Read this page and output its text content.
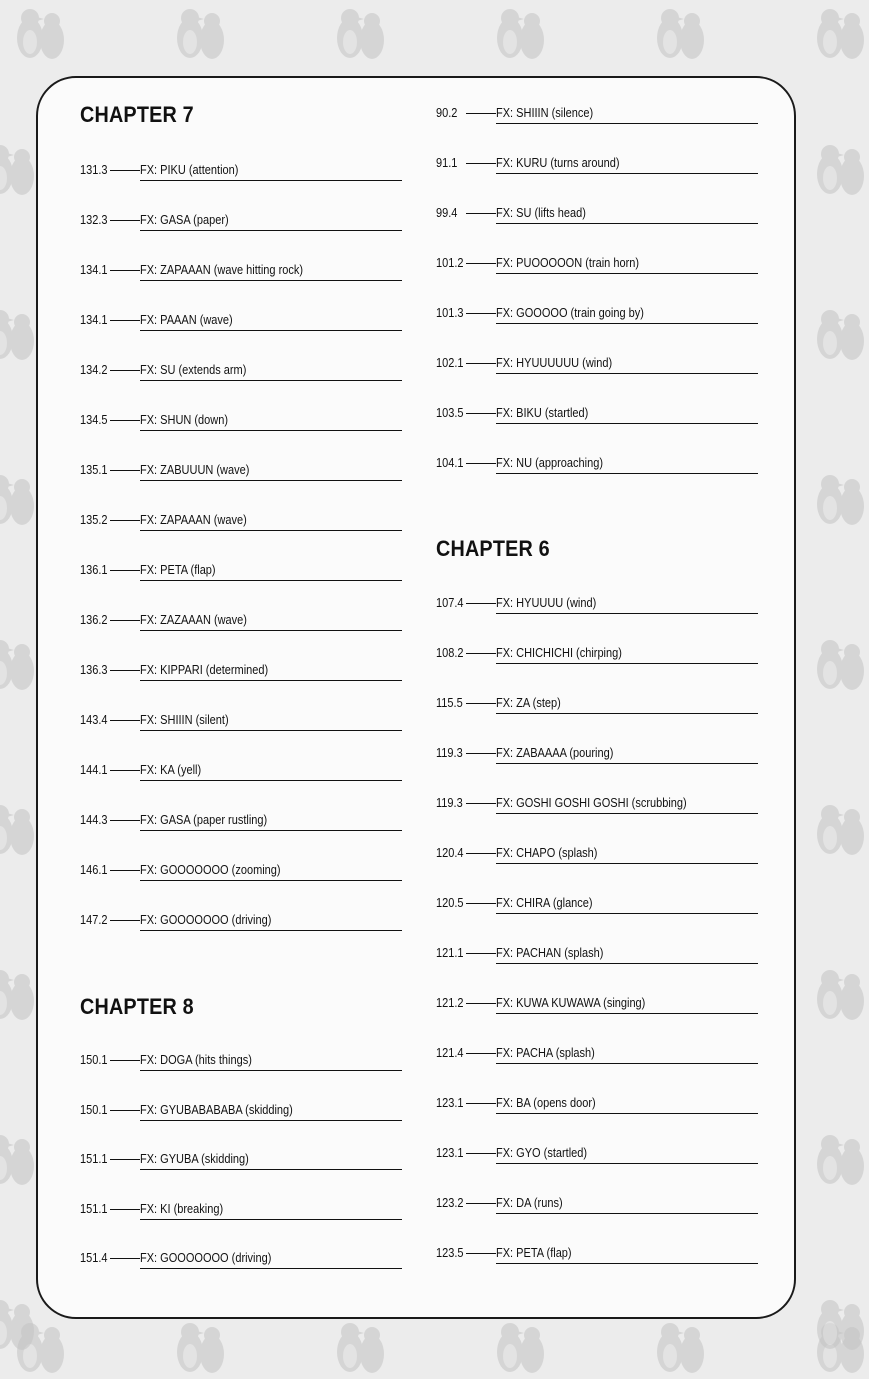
CHAPTER 7
131.3	FX: PIKU (attention)
132.3	FX: GASA (paper)
134.1	FX: ZAPAAAN (wave hitting rock)
134.1	FX: PAAAN (wave)
134.2	FX: SU (extends arm)
134.5	FX: SHUN (down)
135.1	FX: ZABUUUN (wave)
135.2	FX: ZAPAAAN (wave)
136.1	FX: PETA (flap)
136.2	FX: ZAZAAAN (wave)
136.3	FX: KIPPARI (determined)
143.4	FX: SHIIIN (silent)
144.1	FX: KA (yell)
144.3	FX: GASA (paper rustling)
146.1	FX: GOOOOOOO (zooming)
147.2	FX: GOOOOOOO (driving)
CHAPTER 8
150.1	FX: DOGA (hits things)
150.1	FX: GYUBABABABA (skidding)
151.1	FX: GYUBA (skidding)
151.1	FX: KI (breaking)
151.4	FX: GOOOOOOO (driving)
90.2	FX: SHIIIN (silence)
91.1	FX: KURU (turns around)
99.4	FX: SU (lifts head)
101.2	FX: PUOOOOON (train horn)
101.3	FX: GOOOOO (train going by)
102.1	FX: HYUUUUUU (wind)
103.5	FX: BIKU (startled)
104.1	FX: NU (approaching)
CHAPTER 6
107.4	FX: HYUUUU (wind)
108.2	FX: CHICHICHI (chirping)
115.5	FX: ZA (step)
119.3	FX: ZABAAAA (pouring)
119.3	FX: GOSHI GOSHI GOSHI (scrubbing)
120.4	FX: CHAPO (splash)
120.5	FX: CHIRA (glance)
121.1	FX: PACHAN (splash)
121.2	FX: KUWA KUWAWA (singing)
121.4	FX: PACHA (splash)
123.1	FX: BA (opens door)
123.1	FX: GYO (startled)
123.2	FX: DA (runs)
123.5	FX: PETA (flap)
